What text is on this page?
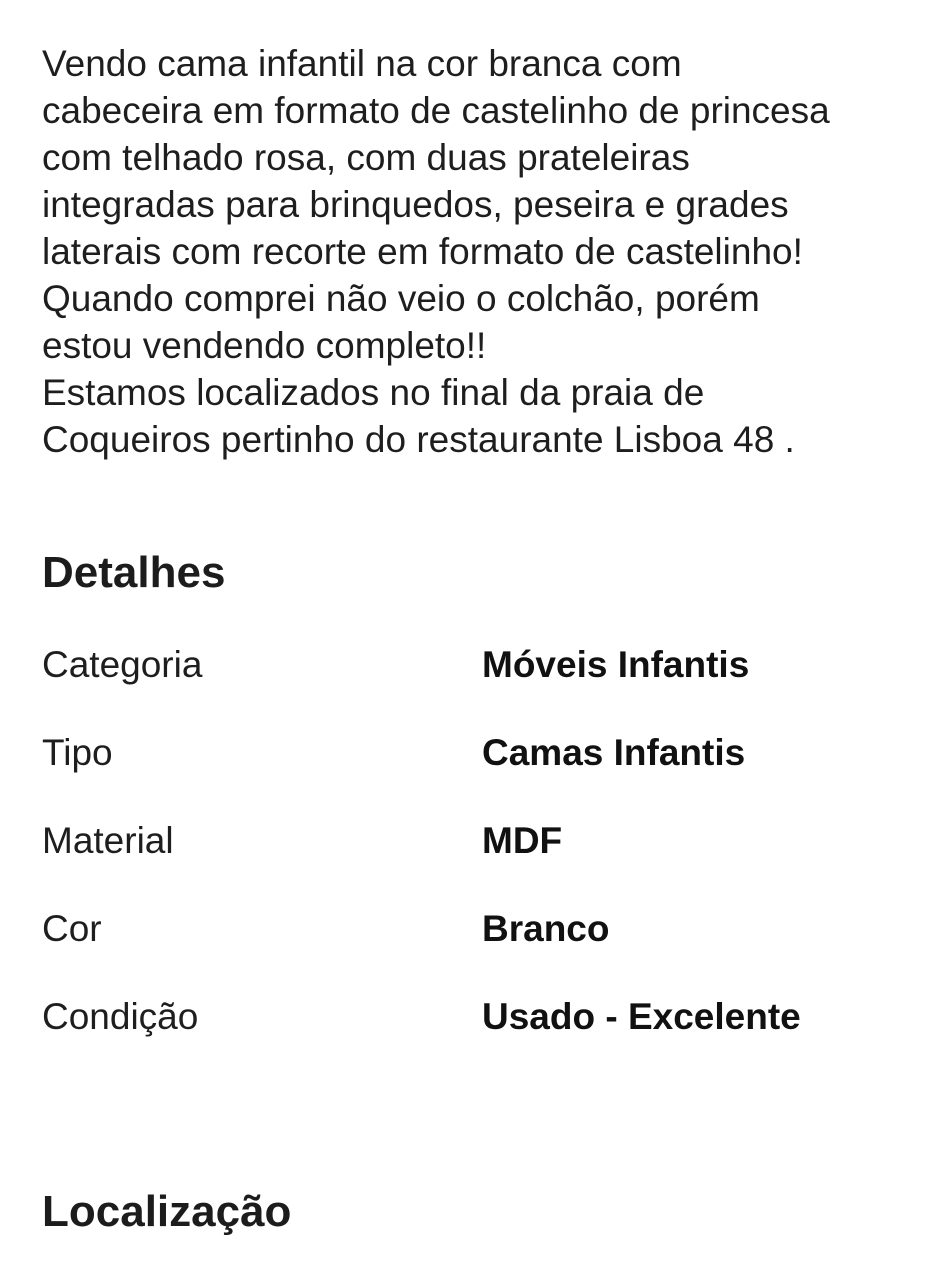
Vendo cama infantil na cor branca com
cabeceira em formato de castelinho de princesa
com telhado rosa, com duas prateleiras
integradas para brinquedos, peseira e grades
laterais com recorte em formato de castelinho!
Quando comprei não veio o colchão, porém
estou vendendo completo!!
Estamos localizados no final da praia de
Coqueiros pertinho do restaurante Lisboa 48 .
Detalhes
Categoria	Móveis Infantis
Tipo	Camas Infantis
Material	MDF
Cor	Branco
Condição	Usado - Excelente
Localização
